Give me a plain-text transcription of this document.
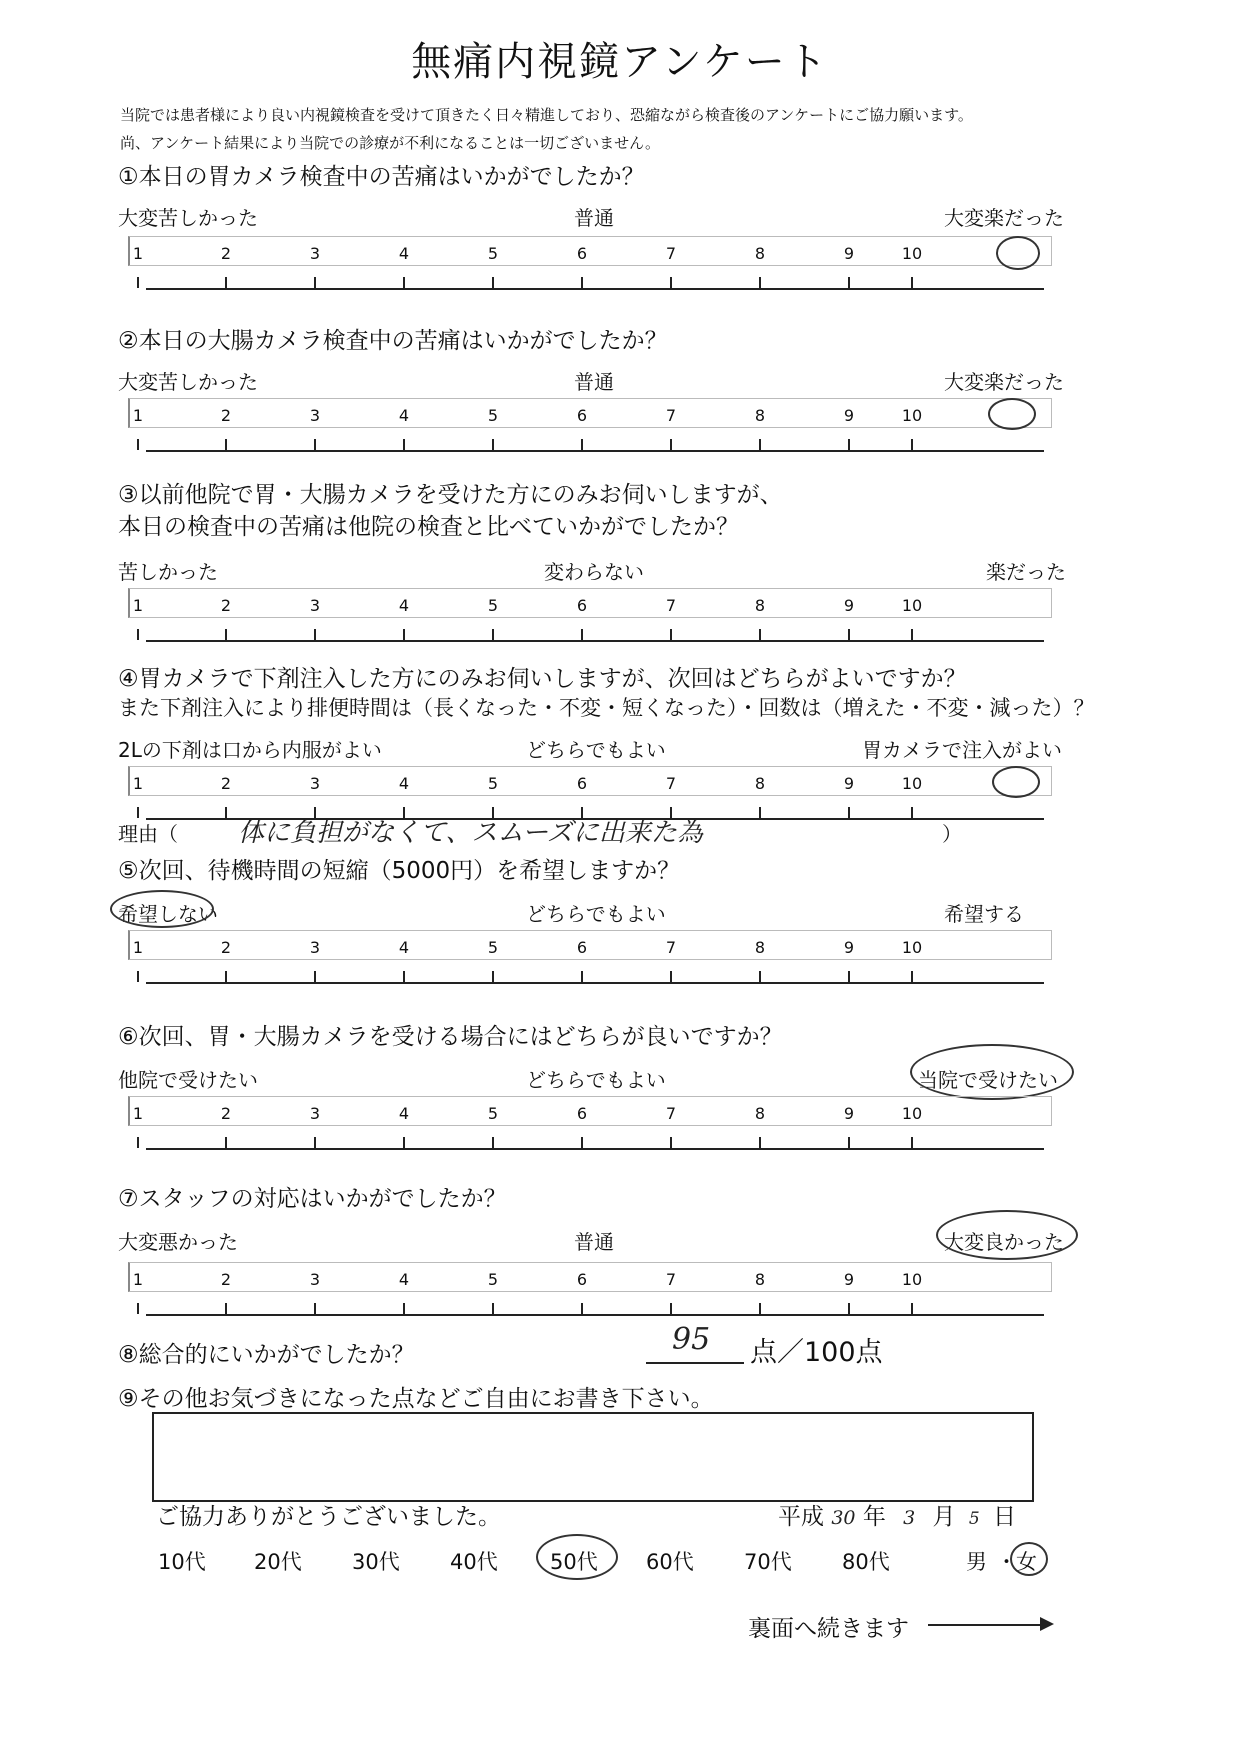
無痛内視鏡アンケート
当院では患者様により良い内視鏡検査を受けて頂きたく日々精進しており、恐縮ながら検査後のアンケートにご協力願います。
尚、アンケート結果により当院での診療が不利になることは一切ございません。
①本日の胃カメラ検査中の苦痛はいかがでしたか？
大変苦しかった	普通	大変楽だった
1	2	3	4	5	6	7	8	9	10
②本日の大腸カメラ検査中の苦痛はいかがでしたか？
大変苦しかった	普通	大変楽だった
1	2	3	4	5	6	7	8	9	10
③以前他院で胃・大腸カメラを受けた方にのみお伺いしますが、
本日の検査中の苦痛は他院の検査と比べていかがでしたか？
苦しかった	変わらない	楽だった
1	2	3	4	5	6	7	8	9	10
④胃カメラで下剤注入した方にのみお伺いしますが、次回はどちらがよいですか？
また下剤注入により排便時間は（長くなった・不変・短くなった）・回数は（増えた・不変・減った）？
2Lの下剤は口から内服がよい	どちらでもよい	胃カメラで注入がよい
1	2	3	4	5	6	7	8	9	10
理由（ 体に負担がなくて、スムーズに出来た為	）
⑤次回、待機時間の短縮（5000円）を希望しますか？
希望しない	どちらでもよい	希望する
1	2	3	4	5	6	7	8	9	10
⑥次回、胃・大腸カメラを受ける場合にはどちらが良いですか？
他院で受けたい	どちらでもよい	当院で受けたい
1	2	3	4	5	6	7	8	9	10
⑦スタッフの対応はいかがでしたか？
大変悪かった	普通	大変良かった
1	2	3	4	5	6	7	8	9	10
⑧総合的にいかがでしたか？	95 点／100点
⑨その他お気づきになった点などご自由にお書き下さい。
ご協力ありがとうございました。	平成 30 年 3 月 5 日
10代 20代 30代 40代 50代 60代 70代 80代	男 ・ 女
裏面へ続きます
